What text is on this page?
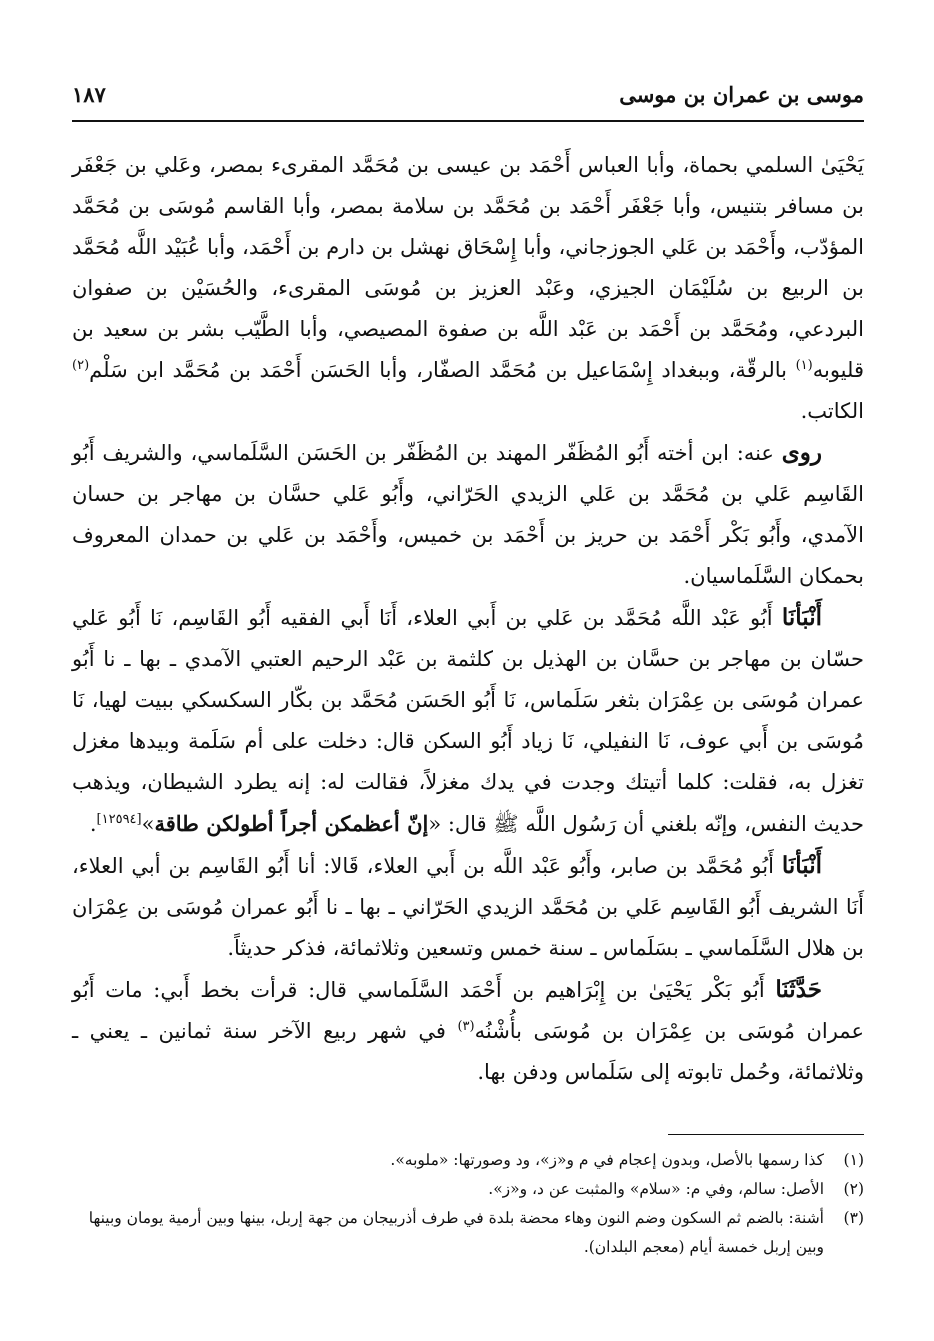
موسى بن عمران بن موسى
١٨٧

يَحْيَىٰ السلمي بحماة، وأبا العباس أَحْمَد بن عيسى بن مُحَمَّد المقرىء بمصر، وعَلي بن جَعْفَر بن مسافر بتنيس، وأبا جَعْفَر أَحْمَد بن مُحَمَّد بن سلامة بمصر، وأبا القاسم مُوسَى بن مُحَمَّد المؤدّب، وأَحْمَد بن عَلي الجوزجاني، وأبا إِسْحَاق نهشل بن دارم بن أَحْمَد، وأبا عُبَيْد اللَّه مُحَمَّد بن الربيع بن سُلَيْمَان الجيزي، وعَبْد العزيز بن مُوسَى المقرىء، والحُسَيْن بن صفوان البردعي، ومُحَمَّد بن أَحْمَد بن عَبْد اللَّه بن صفوة المصيصي، وأبا الطَّيّب بشر بن سعيد بن قليوبه$^{(١)}$ بالرقّة، وببغداد إِسْمَاعيل بن مُحَمَّد الصفّار، وأبا الحَسَن أَحْمَد بن مُحَمَّد ابن سَلْم$^{(٢)}$ الكاتب.

روى عنه: ابن أخته أَبُو المُظَفّر المهند بن المُظَفّر بن الحَسَن السَّلَماسي، والشريف أَبُو القَاسِم عَلي بن مُحَمَّد بن عَلي الزيدي الحَرّاني، وأَبُو عَلي حسَّان بن مهاجر بن حسان الآمدي، وأَبُو بَكْر أَحْمَد بن حريز بن أَحْمَد بن خميس، وأَحْمَد بن عَلي بن حمدان المعروف بحمكان السَّلَماسيان.

أَنْبَأنَا أَبُو عَبْد اللَّه مُحَمَّد بن عَلي بن أَبي العلاء، أَنَا أَبي الفقيه أَبُو القَاسِم، نَا أَبُو عَلي حسّان بن مهاجر بن حسَّان بن الهذيل بن كلثمة بن عَبْد الرحيم العتبي الآمدي ـ بها ـ نا أَبُو عمران مُوسَى بن عِمْرَان بثغر سَلَماس، نَا أَبُو الحَسَن مُحَمَّد بن بكّار السكسكي ببيت لهيا، نَا مُوسَى بن أَبي عوف، نَا النفيلي، نَا زياد أَبُو السكن قال: دخلت على أم سَلَمة وبيدها مغزل تغزل به، فقلت: كلما أتيتك وجدت في يدك مغزلاً، فقالت له: إنه يطرد الشيطان، ويذهب حديث النفس، وإنّه بلغني أن رَسُول اللَّه ﷺ قال: «إنّ أعظمكن أجراً أطولكن طاقة»[١٢٥٩٤].

أَنْبَأنَا أَبُو مُحَمَّد بن صابر، وأَبُو عَبْد اللَّه بن أَبي العلاء، قَالا: أنا أَبُو القَاسِم بن أبي العلاء، أَنَا الشريف أَبُو القَاسِم عَلي بن مُحَمَّد الزيدي الحَرّاني ـ بها ـ نا أَبُو عمران مُوسَى بن عِمْرَان بن هلال السَّلَماسي ـ بسَلَماس ـ سنة خمس وتسعين وثلاثمائة، فذكر حديثاً.

حَدَّثَنَا أَبُو بَكْر يَحْيَىٰ بن إِبْرَاهيم بن أَحْمَد السَّلَماسي قال: قرأت بخط أَبي: مات أَبُو عمران مُوسَى بن عِمْرَان بن مُوسَى بأُشْنُه$^{(٣)}$ في شهر ربيع الآخر سنة ثمانين ـ يعني ـ وثلاثمائة، وحُمل تابوته إلى سَلَماس ودفن بها.

(١)
كذا رسمها بالأصل، وبدون إعجام في م و«ز»، ود وصورتها: «ملوبه».
(٢)
الأصل: سالم، وفي م: «سلام» والمثبت عن د، و«ز».
(٣)
أشنة: بالضم ثم السكون وضم النون وهاء محضة بلدة في طرف أذربيجان من جهة إربل، بينها وبين أرمية يومان وبينها وبين إربل خمسة أيام (معجم البلدان).
